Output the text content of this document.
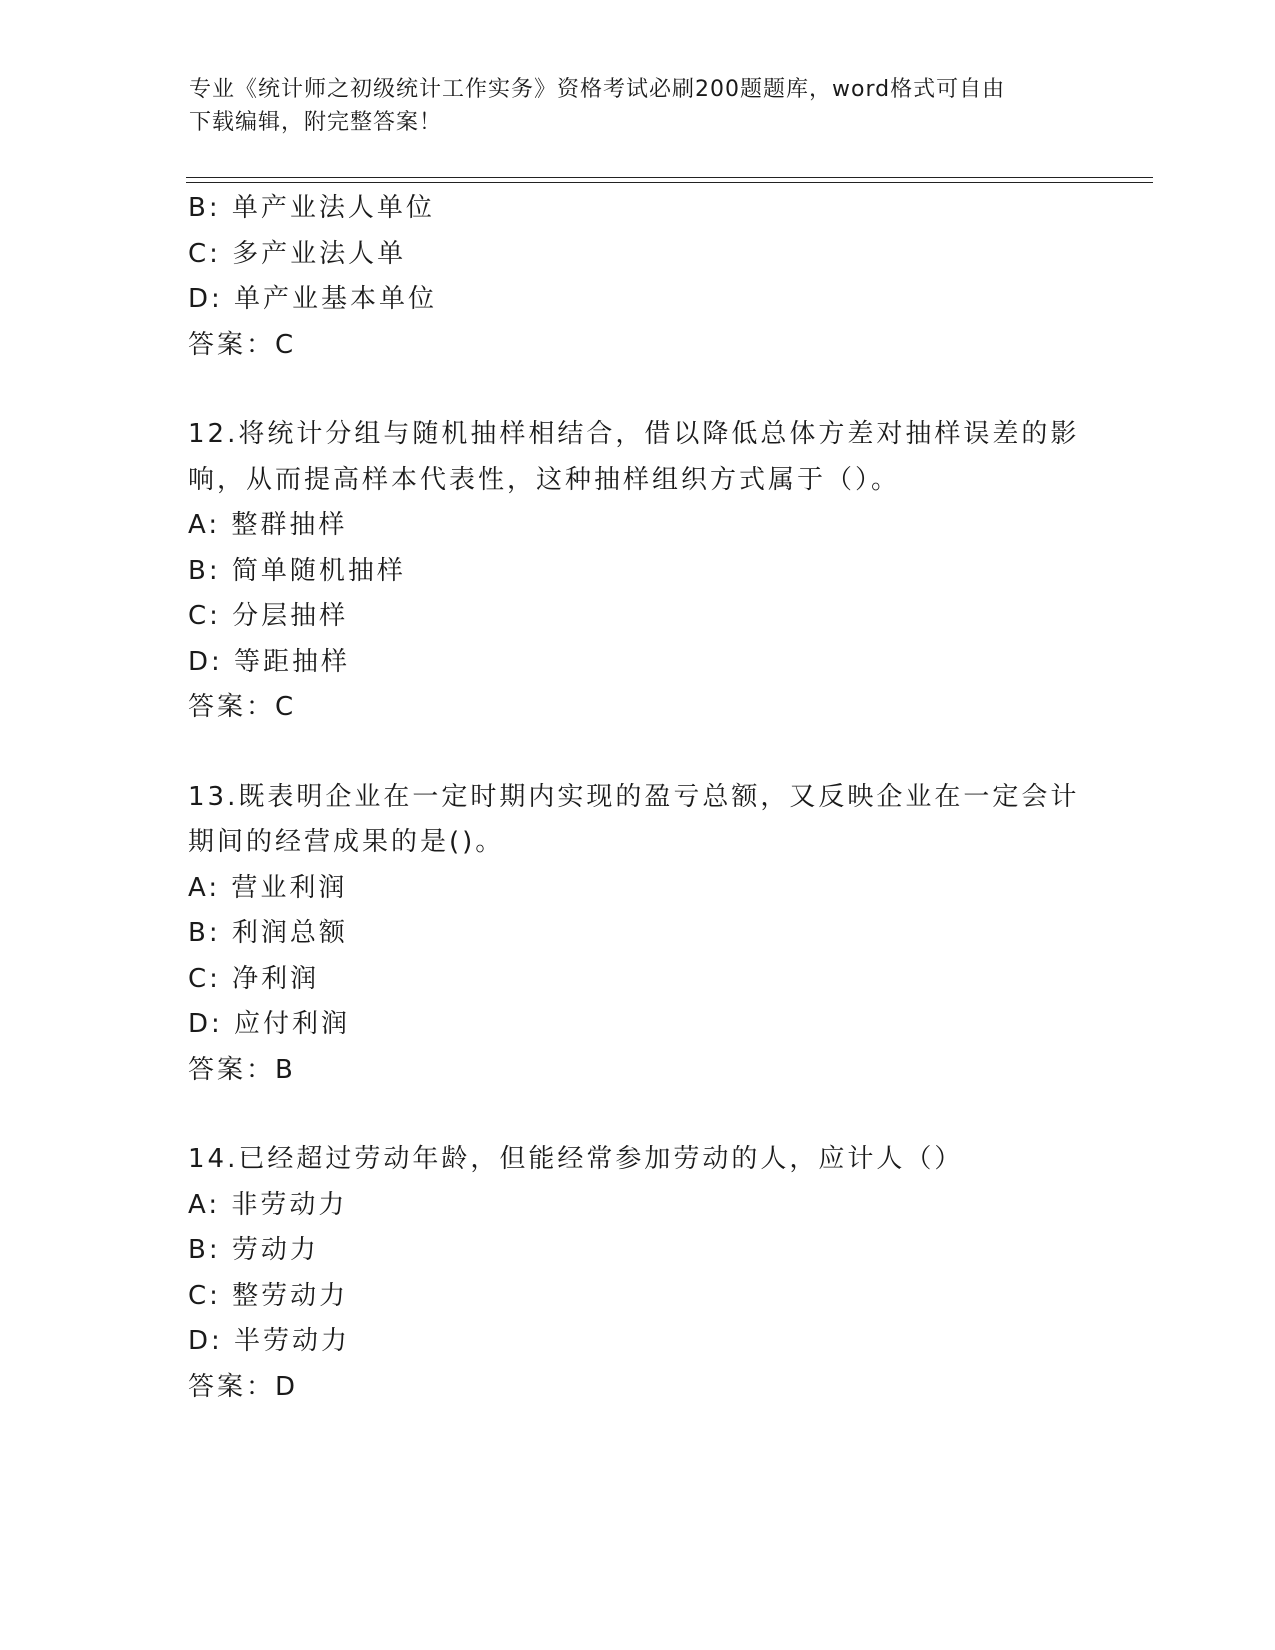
专业《统计师之初级统计工作实务》资格考试必刷200题题库，word格式可自由
下载编辑，附完整答案！
B: 单产业法人单位
C: 多产业法人单
D: 单产业基本单位
答案：C
12.将统计分组与随机抽样相结合，借以降低总体方差对抽样误差的影
响，从而提高样本代表性，这种抽样组织方式属于（）。
A: 整群抽样
B: 简单随机抽样
C: 分层抽样
D: 等距抽样
答案：C
13.既表明企业在一定时期内实现的盈亏总额，又反映企业在一定会计
期间的经营成果的是()。
A: 营业利润
B: 利润总额
C: 净利润
D: 应付利润
答案：B
14.已经超过劳动年龄，但能经常参加劳动的人，应计人（）
A: 非劳动力
B: 劳动力
C: 整劳动力
D: 半劳动力
答案：D
